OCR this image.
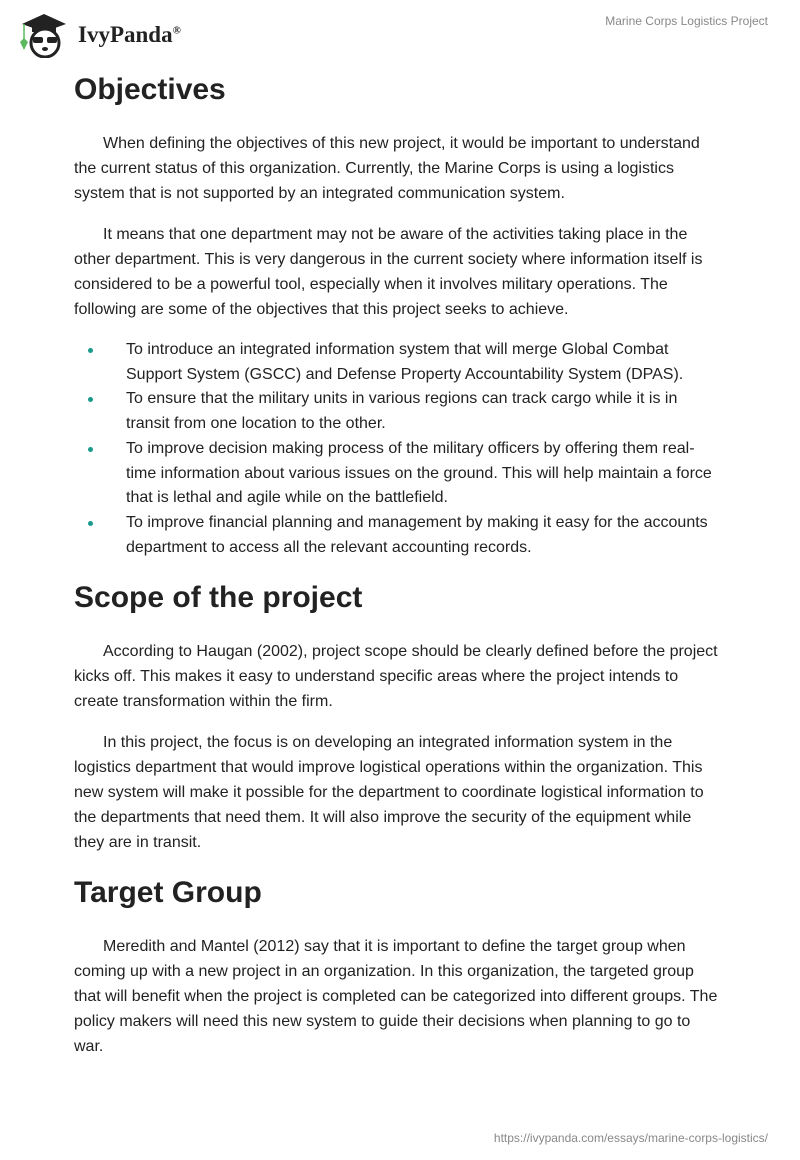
IvyPanda®
Marine Corps Logistics Project
Objectives

When defining the objectives of this new project, it would be important to understand the current status of this organization. Currently, the Marine Corps is using a logistics system that is not supported by an integrated communication system.

It means that one department may not be aware of the activities taking place in the other department. This is very dangerous in the current society where information itself is considered to be a powerful tool, especially when it involves military operations. The following are some of the objectives that this project seeks to achieve.

To introduce an integrated information system that will merge Global Combat Support System (GSCC) and Defense Property Accountability System (DPAS).
To ensure that the military units in various regions can track cargo while it is in transit from one location to the other.
To improve decision making process of the military officers by offering them real-time information about various issues on the ground. This will help maintain a force that is lethal and agile while on the battlefield.
To improve financial planning and management by making it easy for the accounts department to access all the relevant accounting records.
Scope of the project

According to Haugan (2002), project scope should be clearly defined before the project kicks off. This makes it easy to understand specific areas where the project intends to create transformation within the firm.

In this project, the focus is on developing an integrated information system in the logistics department that would improve logistical operations within the organization. This new system will make it possible for the department to coordinate logistical information to the departments that need them. It will also improve the security of the equipment while they are in transit.

Target Group

Meredith and Mantel (2012) say that it is important to define the target group when coming up with a new project in an organization. In this organization, the targeted group that will benefit when the project is completed can be categorized into different groups. The policy makers will need this new system to guide their decisions when planning to go to war.

https://ivypanda.com/essays/marine-corps-logistics/
